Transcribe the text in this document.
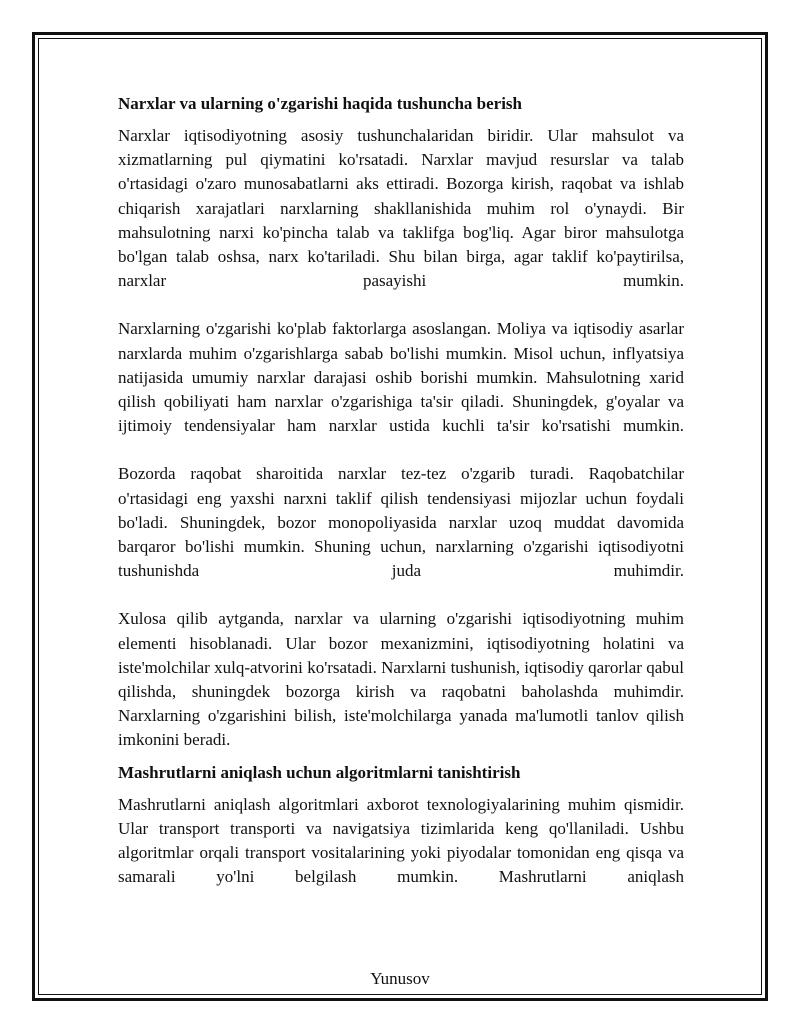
Narxlar va ularning o'zgarishi haqida tushuncha berish

Narxlar iqtisodiyotning asosiy tushunchalaridan biridir. Ular mahsulot va xizmatlarning pul qiymatini ko'rsatadi. Narxlar mavjud resurslar va talab o'rtasidagi o'zaro munosabatlarni aks ettiradi. Bozorga kirish, raqobat va ishlab chiqarish xarajatlari narxlarning shakllanishida muhim rol o'ynaydi. Bir mahsulotning narxi ko'pincha talab va taklifga bog'liq. Agar biror mahsulotga bo'lgan talab oshsa, narx ko'tariladi. Shu bilan birga, agar taklif ko'paytirilsa, narxlar pasayishi mumkin.

Narxlarning o'zgarishi ko'plab faktorlarga asoslangan. Moliya va iqtisodiy asarlar narxlarda muhim o'zgarishlarga sabab bo'lishi mumkin. Misol uchun, inflyatsiya natijasida umumiy narxlar darajasi oshib borishi mumkin. Mahsulotning xarid qilish qobiliyati ham narxlar o'zgarishiga ta'sir qiladi. Shuningdek, g'oyalar va ijtimoiy tendensiyalar ham narxlar ustida kuchli ta'sir ko'rsatishi mumkin.

Bozorda raqobat sharoitida narxlar tez-tez o'zgarib turadi. Raqobatchilar o'rtasidagi eng yaxshi narxni taklif qilish tendensiyasi mijozlar uchun foydali bo'ladi. Shuningdek, bozor monopoliyasida narxlar uzoq muddat davomida barqaror bo'lishi mumkin. Shuning uchun, narxlarning o'zgarishi iqtisodiyotni tushunishda juda muhimdir.

Xulosa qilib aytganda, narxlar va ularning o'zgarishi iqtisodiyotning muhim elementi hisoblanadi. Ular bozor mexanizmini, iqtisodiyotning holatini va iste'molchilar xulq-atvorini ko'rsatadi. Narxlarni tushunish, iqtisodiy qarorlar qabul qilishda, shuningdek bozorga kirish va raqobatni baholashda muhimdir. Narxlarning o'zgarishini bilish, iste'molchilarga yanada ma'lumotli tanlov qilish imkonini beradi.

Mashrutlarni aniqlash uchun algoritmlarni tanishtirish

Mashrutlarni aniqlash algoritmlari axborot texnologiyalarining muhim qismidir. Ular transport transporti va navigatsiya tizimlarida keng qo'llaniladi. Ushbu algoritmlar orqali transport vositalarining yoki piyodalar tomonidan eng qisqa va samarali yo'lni belgilash mumkin. Mashrutlarni aniqlash

Yunusov
